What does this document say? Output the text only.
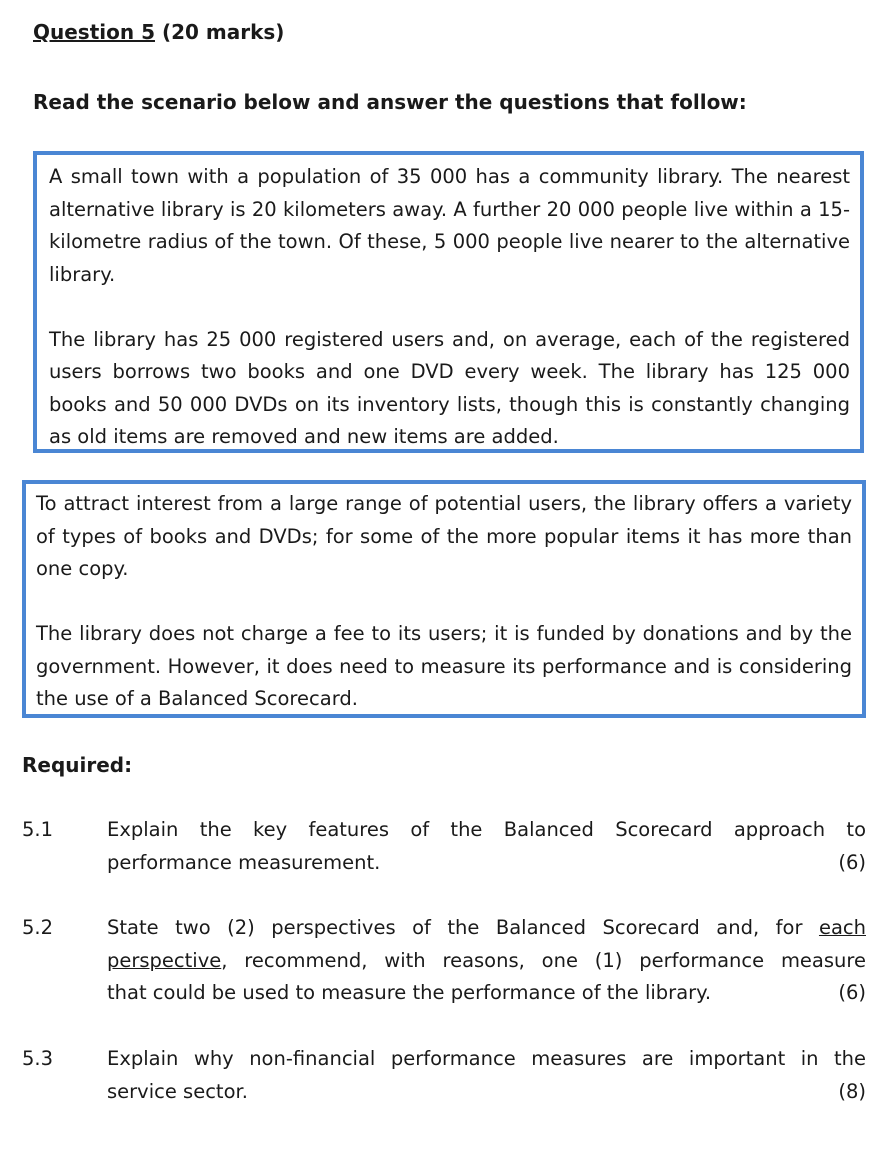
Question 5 (20 marks)
Read the scenario below and answer the questions that follow:

A small town with a population of 35 000 has a community library. The nearest alternative library is 20 kilometers away. A further 20 000 people live within a 15-kilometre radius of the town. Of these, 5 000 people live nearer to the alternative library.

The library has 25 000 registered users and, on average, each of the registered users borrows two books and one DVD every week. The library has 125 000 books and 50 000 DVDs on its inventory lists, though this is constantly changing as old items are removed and new items are added.

To attract interest from a large range of potential users, the library offers a variety of types of books and DVDs; for some of the more popular items it has more than one copy.

The library does not charge a fee to its users; it is funded by donations and by the government. However, it does need to measure its performance and is considering the use of a Balanced Scorecard.

Required:
5.1	Explain the key features of the Balanced Scorecard approach to
performance measurement.	(6)
5.2	State two (2) perspectives of the Balanced Scorecard and, for each
perspective, recommend, with reasons, one (1) performance measure
that could be used to measure the performance of the library.	(6)
5.3	Explain why non-financial performance measures are important in the
service sector.	(8)
